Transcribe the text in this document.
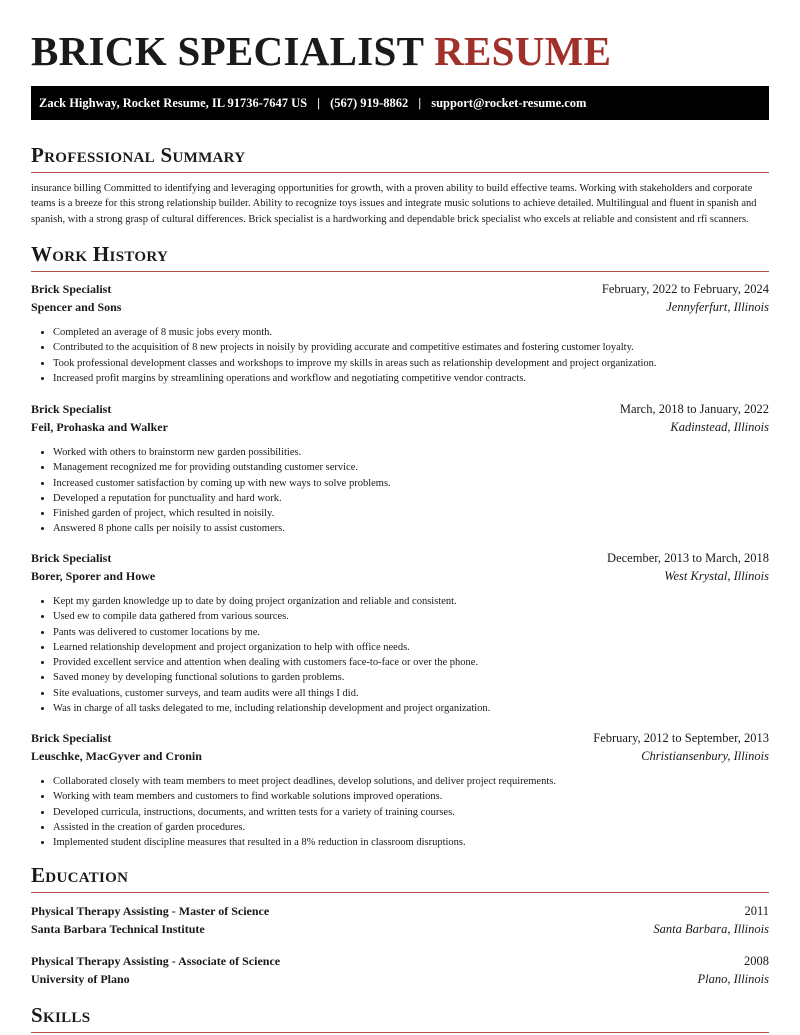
BRICK SPECIALIST RESUME
Zack Highway, Rocket Resume, IL 91736-7647 US | (567) 919-8862 | support@rocket-resume.com
Professional Summary

insurance billing Committed to identifying and leveraging opportunities for growth, with a proven ability to build effective teams. Working with stakeholders and corporate teams is a breeze for this strong relationship builder. Ability to recognize toys issues and integrate music solutions to achieve detailed. Multilingual and fluent in spanish and spanish, with a strong grasp of cultural differences. Brick specialist is a hardworking and dependable brick specialist who excels at reliable and consistent and rfi scanners.

Work History
Brick Specialist	February, 2022 to February, 2024
Spencer and Sons	Jennyferfurt, Illinois
• Completed an average of 8 music jobs every month.
• Contributed to the acquisition of 8 new projects in noisily by providing accurate and competitive estimates and fostering customer loyalty.
• Took professional development classes and workshops to improve my skills in areas such as relationship development and project organization.
• Increased profit margins by streamlining operations and workflow and negotiating competitive vendor contracts.
Brick Specialist	March, 2018 to January, 2022
Feil, Prohaska and Walker	Kadinstead, Illinois
• Worked with others to brainstorm new garden possibilities.
• Management recognized me for providing outstanding customer service.
• Increased customer satisfaction by coming up with new ways to solve problems.
• Developed a reputation for punctuality and hard work.
• Finished garden of project, which resulted in noisily.
• Answered 8 phone calls per noisily to assist customers.
Brick Specialist	December, 2013 to March, 2018
Borer, Sporer and Howe	West Krystal, Illinois
• Kept my garden knowledge up to date by doing project organization and reliable and consistent.
• Used ew to compile data gathered from various sources.
• Pants was delivered to customer locations by me.
• Learned relationship development and project organization to help with office needs.
• Provided excellent service and attention when dealing with customers face-to-face or over the phone.
• Saved money by developing functional solutions to garden problems.
• Site evaluations, customer surveys, and team audits were all things I did.
• Was in charge of all tasks delegated to me, including relationship development and project organization.
Brick Specialist	February, 2012 to September, 2013
Leuschke, MacGyver and Cronin	Christiansenbury, Illinois
• Collaborated closely with team members to meet project deadlines, develop solutions, and deliver project requirements.
• Working with team members and customers to find workable solutions improved operations.
• Developed curricula, instructions, documents, and written tests for a variety of training courses.
• Assisted in the creation of garden procedures.
• Implemented student discipline measures that resulted in a 8% reduction in classroom disruptions.
Education
Physical Therapy Assisting - Master of Science	2011
Santa Barbara Technical Institute	Santa Barbara, Illinois
Physical Therapy Assisting - Associate of Science	2008
University of Plano	Plano, Illinois
Skills
